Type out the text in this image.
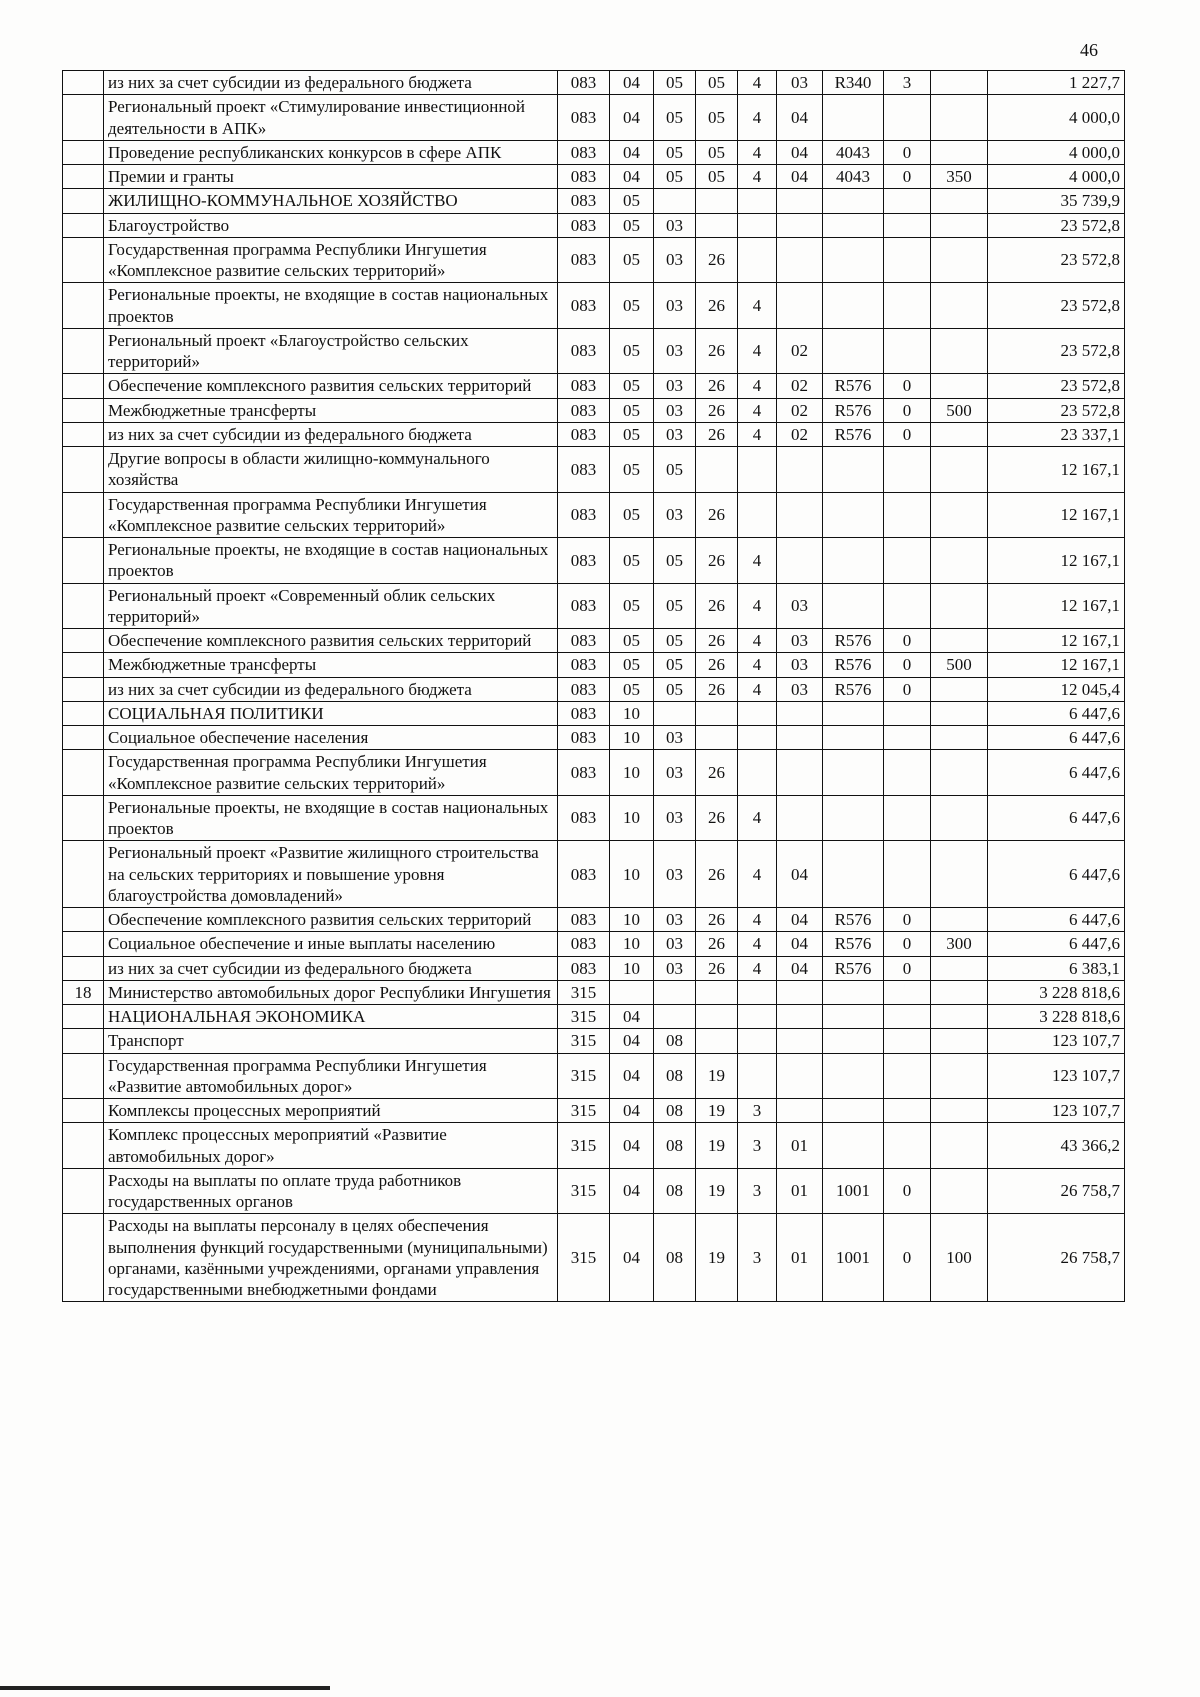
46
	из них за счет субсидии из федерального бюджета	083	04	05	05	4	03	R340	3		1 227,7
	Региональный проект «Стимулирование инвестиционной деятельности в АПК»	083	04	05	05	4	04				4 000,0
	Проведение республиканских конкурсов в сфере АПК	083	04	05	05	4	04	4043	0		4 000,0
	Премии и гранты	083	04	05	05	4	04	4043	0	350	4 000,0
	ЖИЛИЩНО-КОММУНАЛЬНОЕ ХОЗЯЙСТВО	083	05								35 739,9
	Благоустройство	083	05	03							23 572,8
	Государственная программа Республики Ингушетия «Комплексное развитие сельских территорий»	083	05	03	26						23 572,8
	Региональные проекты, не входящие в состав национальных проектов	083	05	03	26	4					23 572,8
	Региональный проект «Благоустройство сельских территорий»	083	05	03	26	4	02				23 572,8
	Обеспечение комплексного развития сельских территорий	083	05	03	26	4	02	R576	0		23 572,8
	Межбюджетные трансферты	083	05	03	26	4	02	R576	0	500	23 572,8
	из них за счет субсидии из федерального бюджета	083	05	03	26	4	02	R576	0		23 337,1
	Другие вопросы в области жилищно-коммунального хозяйства	083	05	05							12 167,1
	Государственная программа Республики Ингушетия «Комплексное развитие сельских территорий»	083	05	03	26						12 167,1
	Региональные проекты, не входящие в состав национальных проектов	083	05	05	26	4					12 167,1
	Региональный проект «Современный облик сельских территорий»	083	05	05	26	4	03				12 167,1
	Обеспечение комплексного развития сельских территорий	083	05	05	26	4	03	R576	0		12 167,1
	Межбюджетные трансферты	083	05	05	26	4	03	R576	0	500	12 167,1
	из них за счет субсидии из федерального бюджета	083	05	05	26	4	03	R576	0		12 045,4
	СОЦИАЛЬНАЯ ПОЛИТИКИ	083	10								6 447,6
	Социальное обеспечение населения	083	10	03							6 447,6
	Государственная программа Республики Ингушетия «Комплексное развитие сельских территорий»	083	10	03	26						6 447,6
	Региональные проекты, не входящие в состав национальных проектов	083	10	03	26	4					6 447,6
	Региональный проект «Развитие жилищного строительства на сельских территориях и повышение уровня благоустройства домовладений»	083	10	03	26	4	04				6 447,6
	Обеспечение комплексного развития сельских территорий	083	10	03	26	4	04	R576	0		6 447,6
	Социальное обеспечение и иные выплаты населению	083	10	03	26	4	04	R576	0	300	6 447,6
	из них за счет субсидии из федерального бюджета	083	10	03	26	4	04	R576	0		6 383,1
18	Министерство автомобильных дорог Республики Ингушетия	315									3 228 818,6
	НАЦИОНАЛЬНАЯ ЭКОНОМИКА	315	04								3 228 818,6
	Транспорт	315	04	08							123 107,7
	Государственная программа Республики Ингушетия «Развитие автомобильных дорог»	315	04	08	19						123 107,7
	Комплексы процессных мероприятий	315	04	08	19	3					123 107,7
	Комплекс процессных мероприятий «Развитие автомобильных дорог»	315	04	08	19	3	01				43 366,2
	Расходы на выплаты по оплате труда работников государственных органов	315	04	08	19	3	01	1001	0		26 758,7
	Расходы на выплаты персоналу в целях обеспечения выполнения функций государственными (муниципальными) органами, казёнными учреждениями, органами управления государственными внебюджетными фондами	315	04	08	19	3	01	1001	0	100	26 758,7
